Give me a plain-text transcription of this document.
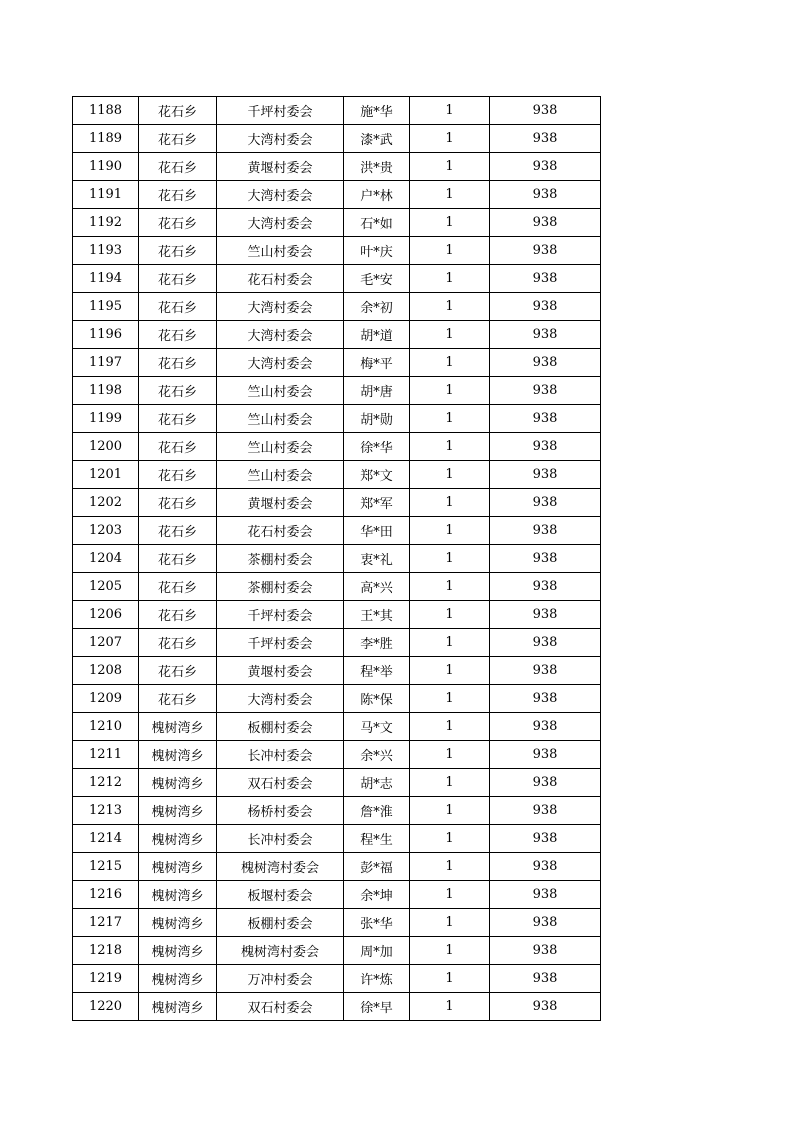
1188	花石乡	千坪村委会	施*华	1	938
1189	花石乡	大湾村委会	漆*武	1	938
1190	花石乡	黄堰村委会	洪*贵	1	938
1191	花石乡	大湾村委会	户*林	1	938
1192	花石乡	大湾村委会	石*如	1	938
1193	花石乡	竺山村委会	叶*庆	1	938
1194	花石乡	花石村委会	毛*安	1	938
1195	花石乡	大湾村委会	余*初	1	938
1196	花石乡	大湾村委会	胡*道	1	938
1197	花石乡	大湾村委会	梅*平	1	938
1198	花石乡	竺山村委会	胡*唐	1	938
1199	花石乡	竺山村委会	胡*勋	1	938
1200	花石乡	竺山村委会	徐*华	1	938
1201	花石乡	竺山村委会	郑*文	1	938
1202	花石乡	黄堰村委会	郑*军	1	938
1203	花石乡	花石村委会	华*田	1	938
1204	花石乡	茶棚村委会	衷*礼	1	938
1205	花石乡	茶棚村委会	高*兴	1	938
1206	花石乡	千坪村委会	王*其	1	938
1207	花石乡	千坪村委会	李*胜	1	938
1208	花石乡	黄堰村委会	程*举	1	938
1209	花石乡	大湾村委会	陈*保	1	938
1210	槐树湾乡	板棚村委会	马*文	1	938
1211	槐树湾乡	长冲村委会	余*兴	1	938
1212	槐树湾乡	双石村委会	胡*志	1	938
1213	槐树湾乡	杨桥村委会	詹*淮	1	938
1214	槐树湾乡	长冲村委会	程*生	1	938
1215	槐树湾乡	槐树湾村委会	彭*福	1	938
1216	槐树湾乡	板堰村委会	余*坤	1	938
1217	槐树湾乡	板棚村委会	张*华	1	938
1218	槐树湾乡	槐树湾村委会	周*加	1	938
1219	槐树湾乡	万冲村委会	许*炼	1	938
1220	槐树湾乡	双石村委会	徐*早	1	938
